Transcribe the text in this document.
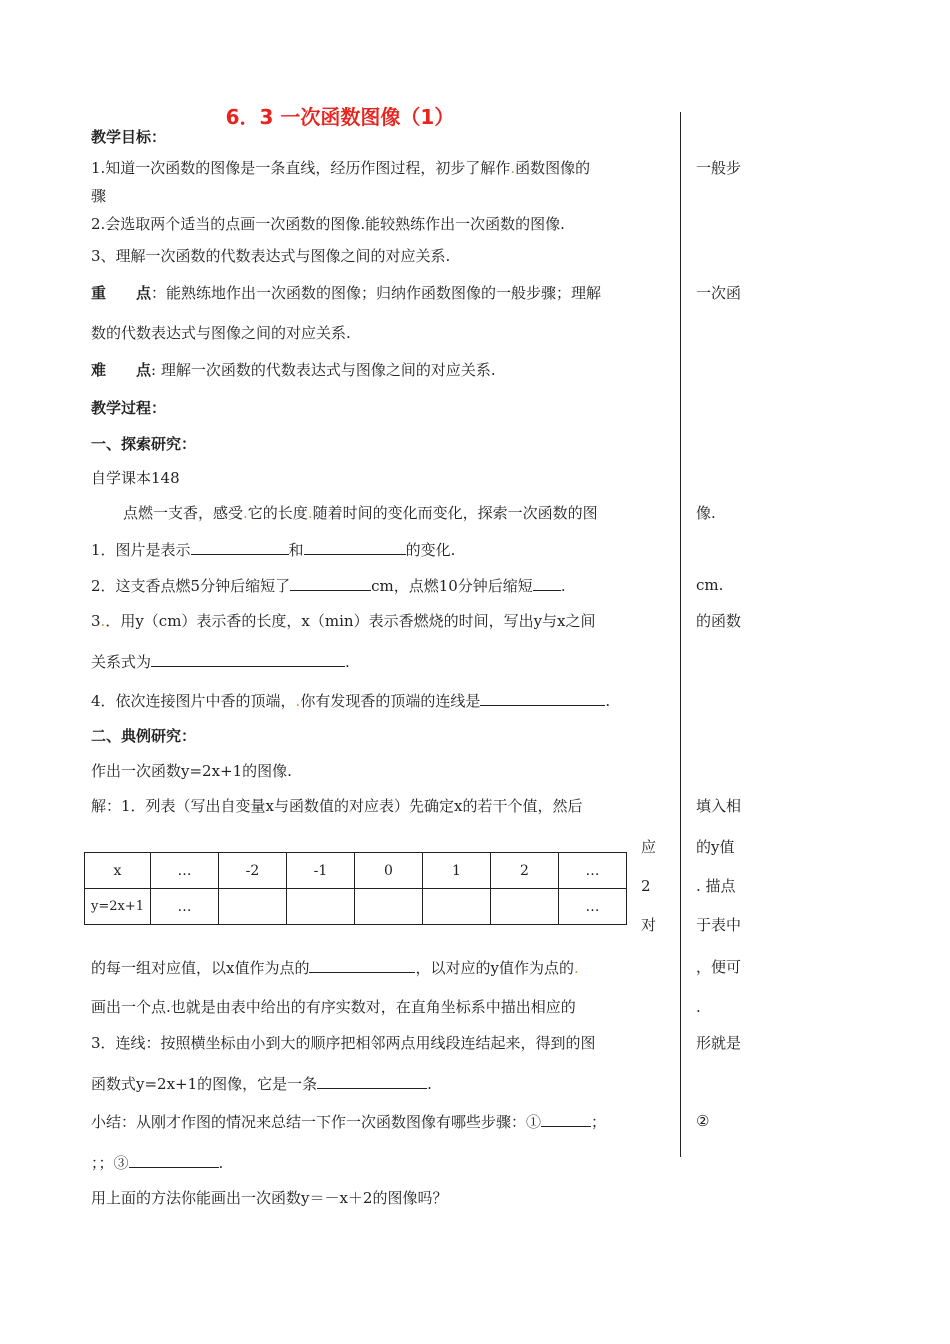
6．3 一次函数图像（1）
教学目标：
1.知道一次函数的图像是一条直线，经历作图过程，初步了解作.函数图像的
骤
2.会选取两个适当的点画一次函数的图像.能较熟练作出一次函数的图像.
3、理解一次函数的代数表达式与图像之间的对应关系.
重　　点：能熟练地作出一次函数的图像；归纳作函数图像的一般步骤；理解
数的代数表达式与图像之间的对应关系.
难　　点: 理解一次函数的代数表达式与图像之间的对应关系.
教学过程：
一、探索研究：
自学课本148
点燃一支香，感受.它的长度.随着时间的变化而变化，探索一次函数的图
1．图片是表示	和	的变化.
2．这支香点燃5分钟后缩短了	cm，点燃10分钟后缩短 .
3.．用y（cm）表示香的长度，x（min）表示香燃烧的时间，写出y与x之间
关系式为	.
4．依次连接图片中香的顶端，.你有发现香的顶端的连线是	.
二、典例研究：
作出一次函数y=2x+1的图像.
解：1．列表（写出自变量x与函数值的对应表）先确定x的若干个值，然后
x	…	-2	-1	0	1	2	…
y=2x+1	…						…
应
2
对
的每一组对应值，以x值作为点的	，以对应的y值作为点的.
画出一个点.也就是由表中给出的有序实数对，在直角坐标系中描出相应的
3．连线：按照横坐标由小到大的顺序把相邻两点用线段连结起来，得到的图
函数式y=2x+1的图像，它是一条	.
小结：从刚才作图的情况来总结一下作一次函数图像有哪些步骤：①	；
；；③	.
用上面的方法你能画出一次函数y＝－x＋2的图像吗？
一般步
一次函
像.
cm.
的函数
填入相
的y值
. 描点
于表中
，便可
.
形就是
②
